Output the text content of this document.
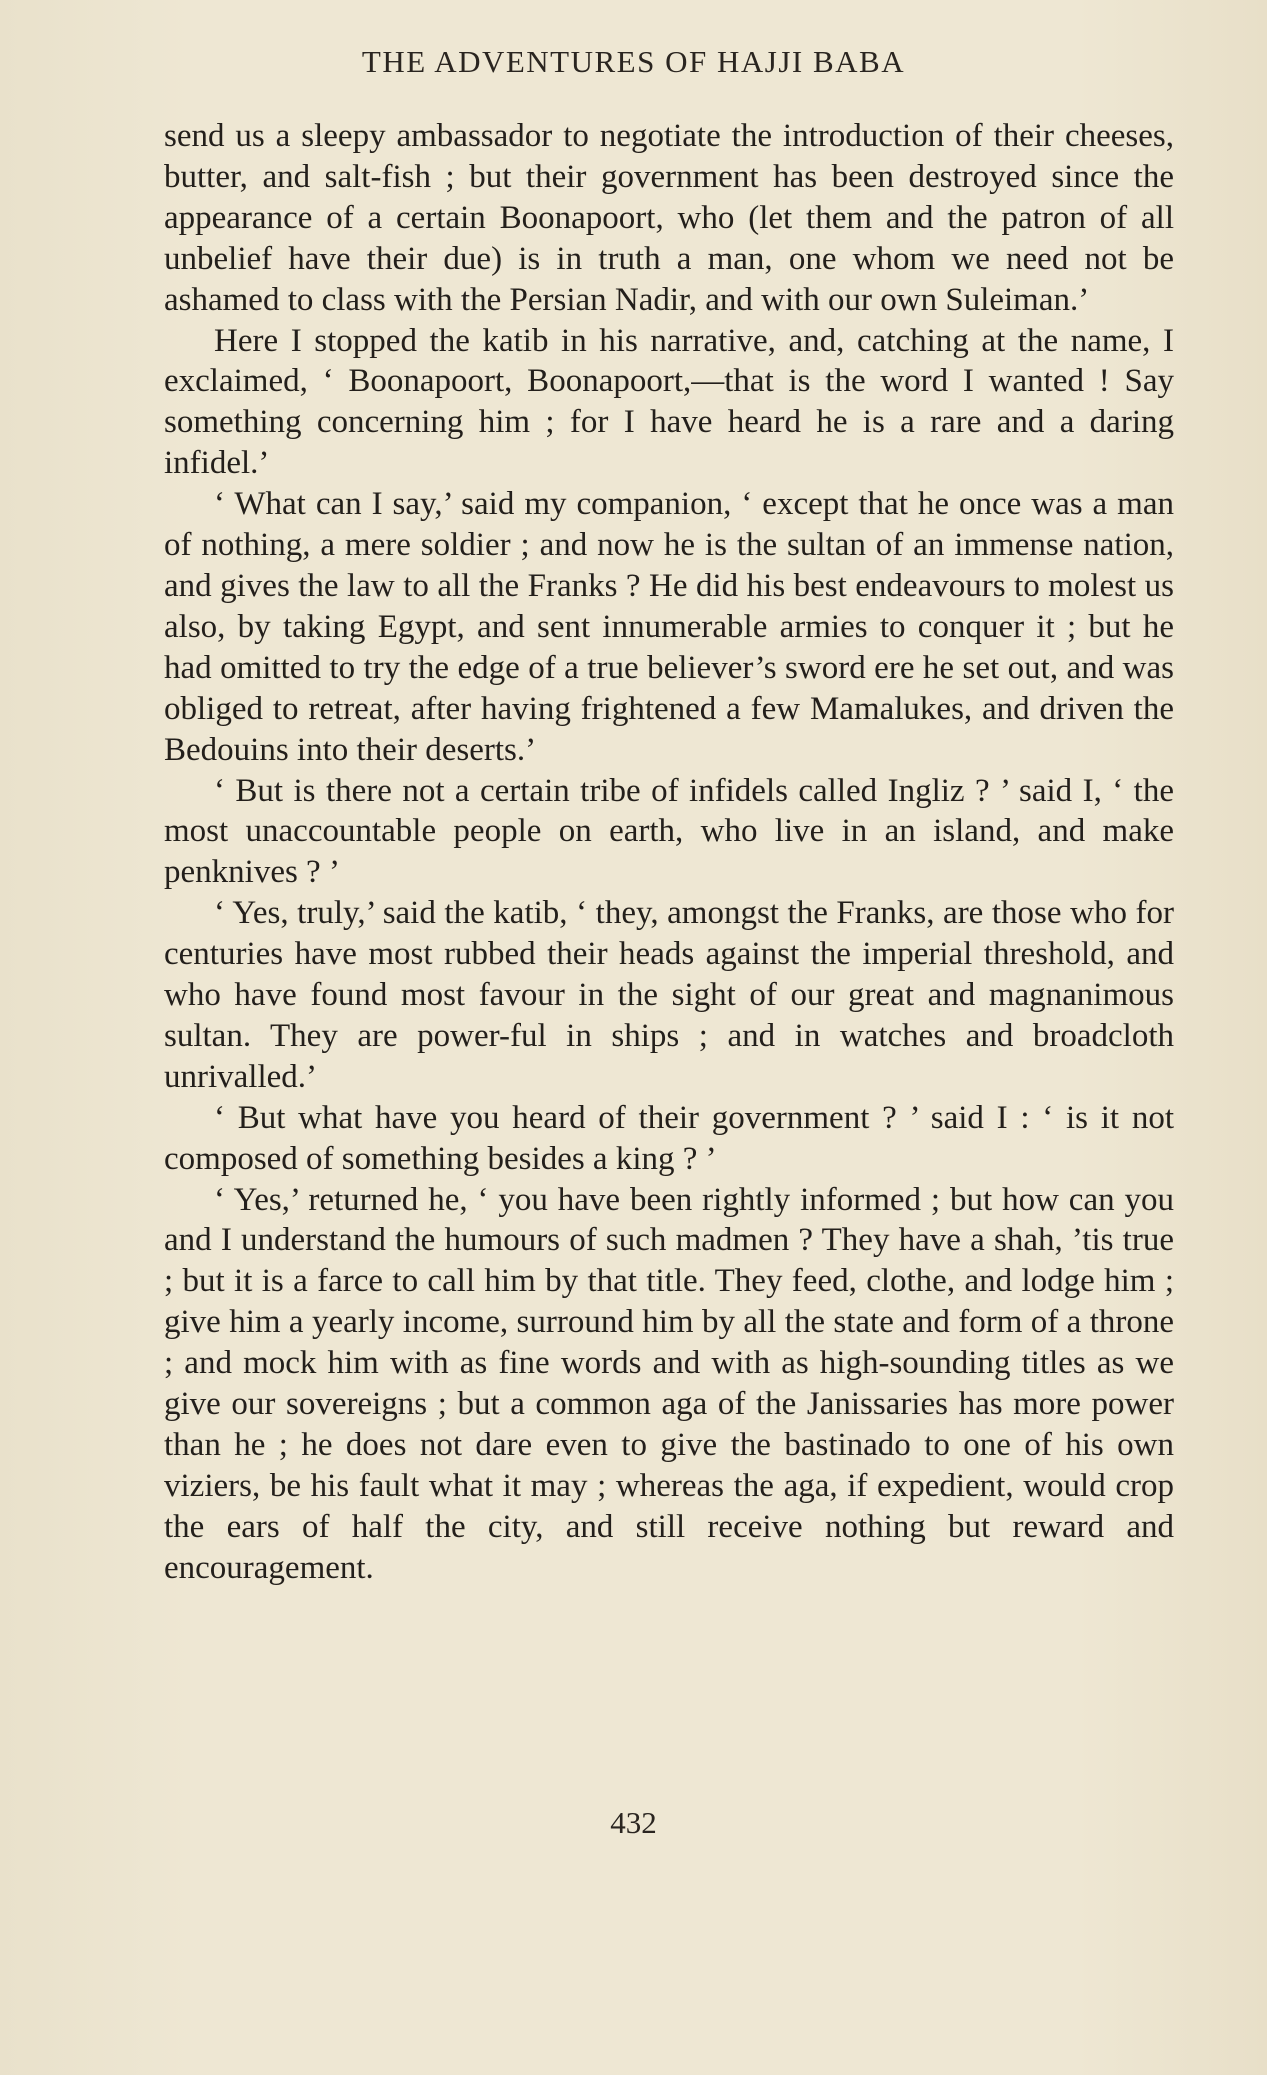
THE ADVENTURES OF HAJJI BABA

send us a sleepy ambassador to negotiate the introduction of their cheeses, butter, and salt-fish ; but their government has been destroyed since the appearance of a certain Boonapoort, who (let them and the patron of all unbelief have their due) is in truth a man, one whom we need not be ashamed to class with the Persian Nadir, and with our own Suleiman.’

Here I stopped the katib in his narrative, and, catching at the name, I exclaimed, ‘ Boonapoort, Boonapoort,—that is the word I wanted ! Say something concerning him ; for I have heard he is a rare and a daring infidel.’

‘ What can I say,’ said my companion, ‘ except that he once was a man of nothing, a mere soldier ; and now he is the sultan of an immense nation, and gives the law to all the Franks ? He did his best endeavours to molest us also, by taking Egypt, and sent innumerable armies to conquer it ; but he had omitted to try the edge of a true believer’s sword ere he set out, and was obliged to retreat, after having frightened a few Mamalukes, and driven the Bedouins into their deserts.’

‘ But is there not a certain tribe of infidels called Ingliz ? ’ said I, ‘ the most unaccountable people on earth, who live in an island, and make penknives ? ’

‘ Yes, truly,’ said the katib, ‘ they, amongst the Franks, are those who for centuries have most rubbed their heads against the imperial threshold, and who have found most favour in the sight of our great and magnanimous sultan. They are power-ful in ships ; and in watches and broadcloth unrivalled.’

‘ But what have you heard of their government ? ’ said I : ‘ is it not composed of something besides a king ? ’

‘ Yes,’ returned he, ‘ you have been rightly informed ; but how can you and I understand the humours of such madmen ? They have a shah, ’tis true ; but it is a farce to call him by that title. They feed, clothe, and lodge him ; give him a yearly income, surround him by all the state and form of a throne ; and mock him with as fine words and with as high-sounding titles as we give our sovereigns ; but a common aga of the Janissaries has more power than he ; he does not dare even to give the bastinado to one of his own viziers, be his fault what it may ; whereas the aga, if expedient, would crop the ears of half the city, and still receive nothing but reward and encouragement.

432
